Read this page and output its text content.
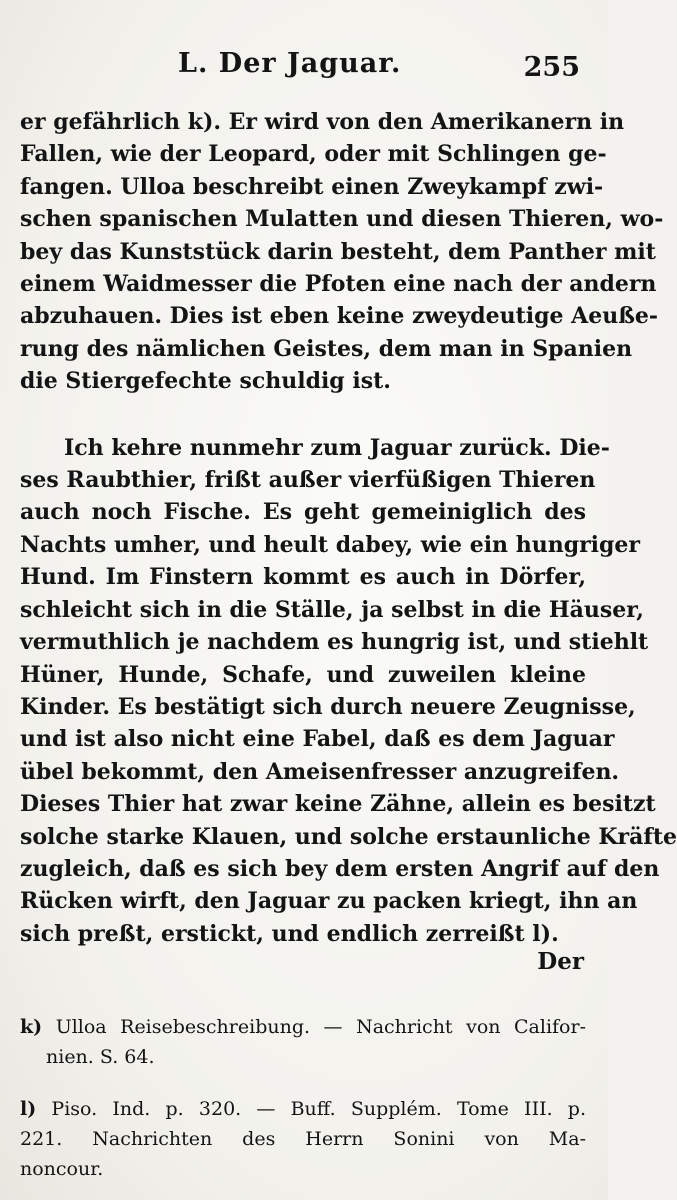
L. Der Jaguar.	255
er gefährlich k). Er wird von den Amerikanern in
Fallen, wie der Leopard, oder mit Schlingen ge-
fangen. Ulloa beschreibt einen Zweykampf zwi-
schen spanischen Mulatten und diesen Thieren, wo-
bey das Kunststück darin besteht, dem Panther mit
einem Waidmesser die Pfoten eine nach der andern
abzuhauen. Dies ist eben keine zweydeutige Aeuße-
rung des nämlichen Geistes, dem man in Spanien
die Stiergefechte schuldig ist.
Ich kehre nunmehr zum Jaguar zurück. Die-
ses Raubthier, frißt außer vierfüßigen Thieren
auch noch Fische. Es geht gemeiniglich des
Nachts umher, und heult dabey, wie ein hungriger
Hund. Im Finstern kommt es auch in Dörfer,
schleicht sich in die Ställe, ja selbst in die Häuser,
vermuthlich je nachdem es hungrig ist, und stiehlt
Hüner, Hunde, Schafe, und zuweilen kleine
Kinder. Es bestätigt sich durch neuere Zeugnisse,
und ist also nicht eine Fabel, daß es dem Jaguar
übel bekommt, den Ameisenfresser anzugreifen.
Dieses Thier hat zwar keine Zähne, allein es besitzt
solche starke Klauen, und solche erstaunliche Kräfte
zugleich, daß es sich bey dem ersten Angrif auf den
Rücken wirft, den Jaguar zu packen kriegt, ihn an
sich preßt, erstickt, und endlich zerreißt l).
Der
k) Ulloa Reisebeschreibung. — Nachricht von Califor-
nien. S. 64.
l) Piso. Ind. p. 320. — Buff. Supplém. Tome III. p.
221. Nachrichten des Herrn Sonini von Ma-
noncour.
